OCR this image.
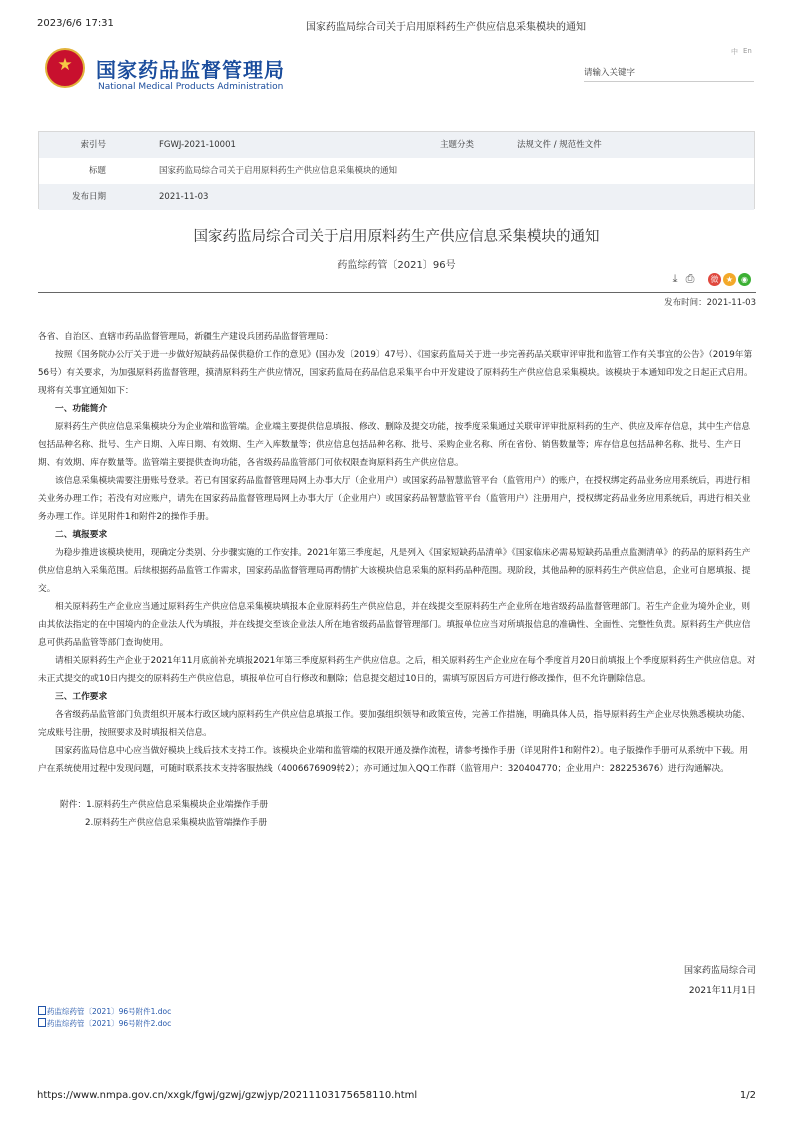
2023/6/6 17:31	国家药监局综合司关于启用原料药生产供应信息采集模块的通知
★
国家药品监督管理局
National Medical Products Administration
中 En
请输入关键字
索引号	FGWJ-2021-10001	主题分类	法规文件 / 规范性文件
标题	国家药监局综合司关于启用原料药生产供应信息采集模块的通知
发布日期	2021-11-03
国家药监局综合司关于启用原料药生产供应信息采集模块的通知
药监综药管〔2021〕96号
⤓ ⎙	微 ★ ◉
发布时间：2021-11-03

各省、自治区、直辖市药品监督管理局，新疆生产建设兵团药品监督管理局：

按照《国务院办公厅关于进一步做好短缺药品保供稳价工作的意见》(国办发〔2019〕47号）、《国家药监局关于进一步完善药品关联审评审批和监管工作有关事宜的公告》（2019年第56号）有关要求，为加强原料药监督管理，摸清原料药生产供应情况，国家药监局在药品信息采集平台中开发建设了原料药生产供应信息采集模块。该模块于本通知印发之日起正式启用。现将有关事宜通知如下：

一、功能简介

原料药生产供应信息采集模块分为企业端和监管端。企业端主要提供信息填报、修改、删除及提交功能，按季度采集通过关联审评审批原料药的生产、供应及库存信息，其中生产信息包括品种名称、批号、生产日期、入库日期、有效期、生产入库数量等；供应信息包括品种名称、批号、采购企业名称、所在省份、销售数量等；库存信息包括品种名称、批号、生产日期、有效期、库存数量等。监管端主要提供查询功能，各省级药品监管部门可依权限查询原料药生产供应信息。

该信息采集模块需要注册账号登录。若已有国家药品监督管理局网上办事大厅（企业用户）或国家药品智慧监管平台（监管用户）的账户，在授权绑定药品业务应用系统后，再进行相关业务办理工作；若没有对应账户，请先在国家药品监督管理局网上办事大厅（企业用户）或国家药品智慧监管平台（监管用户）注册用户，授权绑定药品业务应用系统后，再进行相关业务办理工作。详见附件1和附件2的操作手册。

二、填报要求

为稳步推进该模块使用，现确定分类别、分步骤实施的工作安排。2021年第三季度起，凡是列入《国家短缺药品清单》《国家临床必需易短缺药品重点监测清单》的药品的原料药生产供应信息纳入采集范围。后续根据药品监管工作需求，国家药品监督管理局再酌情扩大该模块信息采集的原料药品种范围。现阶段，其他品种的原料药生产供应信息，企业可自愿填报、提交。

相关原料药生产企业应当通过原料药生产供应信息采集模块填报本企业原料药生产供应信息，并在线提交至原料药生产企业所在地省级药品监督管理部门。若生产企业为境外企业，则由其依法指定的在中国境内的企业法人代为填报，并在线提交至该企业法人所在地省级药品监督管理部门。填报单位应当对所填报信息的准确性、全面性、完整性负责。原料药生产供应信息可供药品监管等部门查询使用。

请相关原料药生产企业于2021年11月底前补充填报2021年第三季度原料药生产供应信息。之后，相关原料药生产企业应在每个季度首月20日前填报上个季度原料药生产供应信息。对未正式提交的或10日内提交的原料药生产供应信息，填报单位可自行修改和删除；信息提交超过10日的，需填写原因后方可进行修改操作，但不允许删除信息。

三、工作要求

各省级药品监管部门负责组织开展本行政区域内原料药生产供应信息填报工作。要加强组织领导和政策宣传，完善工作措施，明确具体人员，指导原料药生产企业尽快熟悉模块功能、完成账号注册，按照要求及时填报相关信息。

国家药监局信息中心应当做好模块上线后技术支持工作。该模块企业端和监管端的权限开通及操作流程，请参考操作手册（详见附件1和附件2）。电子版操作手册可从系统中下载。用户在系统使用过程中发现问题，可随时联系技术支持客服热线（4006676909转2）；亦可通过加入QQ工作群（监管用户：320404770；企业用户：282253676）进行沟通解决。

附件：1.原料药生产供应信息采集模块企业端操作手册

2.原料药生产供应信息采集模块监管端操作手册

国家药监局综合司
2021年11月1日
药监综药管〔2021〕96号附件1.doc
药监综药管〔2021〕96号附件2.doc
https://www.nmpa.gov.cn/xxgk/fgwj/gzwj/gzwjyp/20211103175658110.html	1/2
